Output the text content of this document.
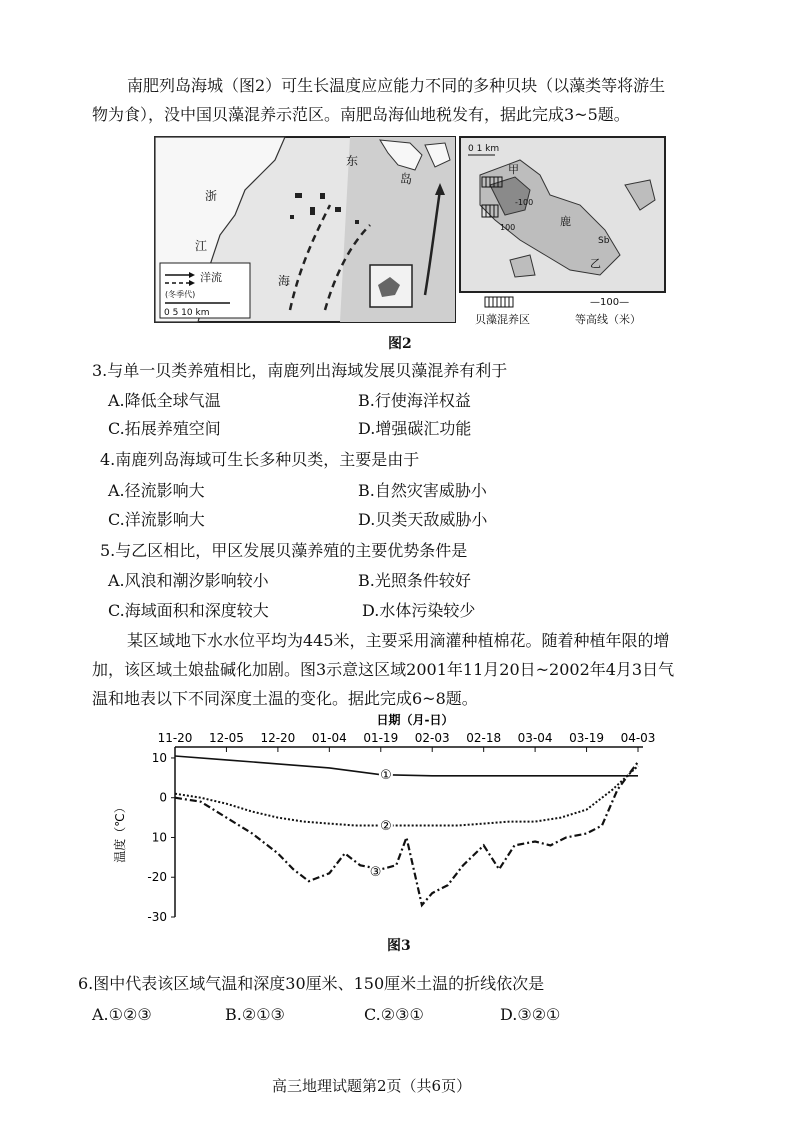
南肥列岛海城（图2）可生长温度应应能力不同的多种贝块（以藻类等将游生
物为食），没中国贝藻混养示范区。南肥岛海仙地税发有，据此完成3~5题。
浙
江
海
东
岛
洋流
(冬季代)
0 5 10 km
0 1 km
甲
乙
-100
100	鹿
Sb
贝藻混养区
—100—
等高线（米）
图2
3.与单一贝类养殖相比，南鹿列出海域发展贝藻混养有利于
A.降低全球气温	B.行使海洋权益
C.拓展养殖空间	D.增强碳汇功能
4.南鹿列岛海域可生长多种贝类，主要是由于
A.径流影响大	B.自然灾害威胁小
C.洋流影响大	D.贝类天敌威胁小
5.与乙区相比，甲区发展贝藻养殖的主要优势条件是
A.风浪和潮汐影响较小	B.光照条件较好
C.海域面积和深度较大	D.水体污染较少
某区域地下水水位平均为445米，主要采用滴灌种植棉花。随着种植年限的增
加，该区域土娘盐碱化加剧。图3示意这区域2001年11月20日~2002年4月3日气
温和地表以下不同深度土温的变化。据此完成6~8题。
日期（月-日）
11-20 12-05 12-20 01-04 01-19 02-03 02-18 03-04 03-19 04-03
10
0
10
-20
-30
温度（℃）
①
②
③
图3
6.图中代表该区域气温和深度30厘米、150厘米土温的折线依次是
A.①②③	B.②①③	C.②③①	D.③②①
高三地理试题第2页（共6页）
